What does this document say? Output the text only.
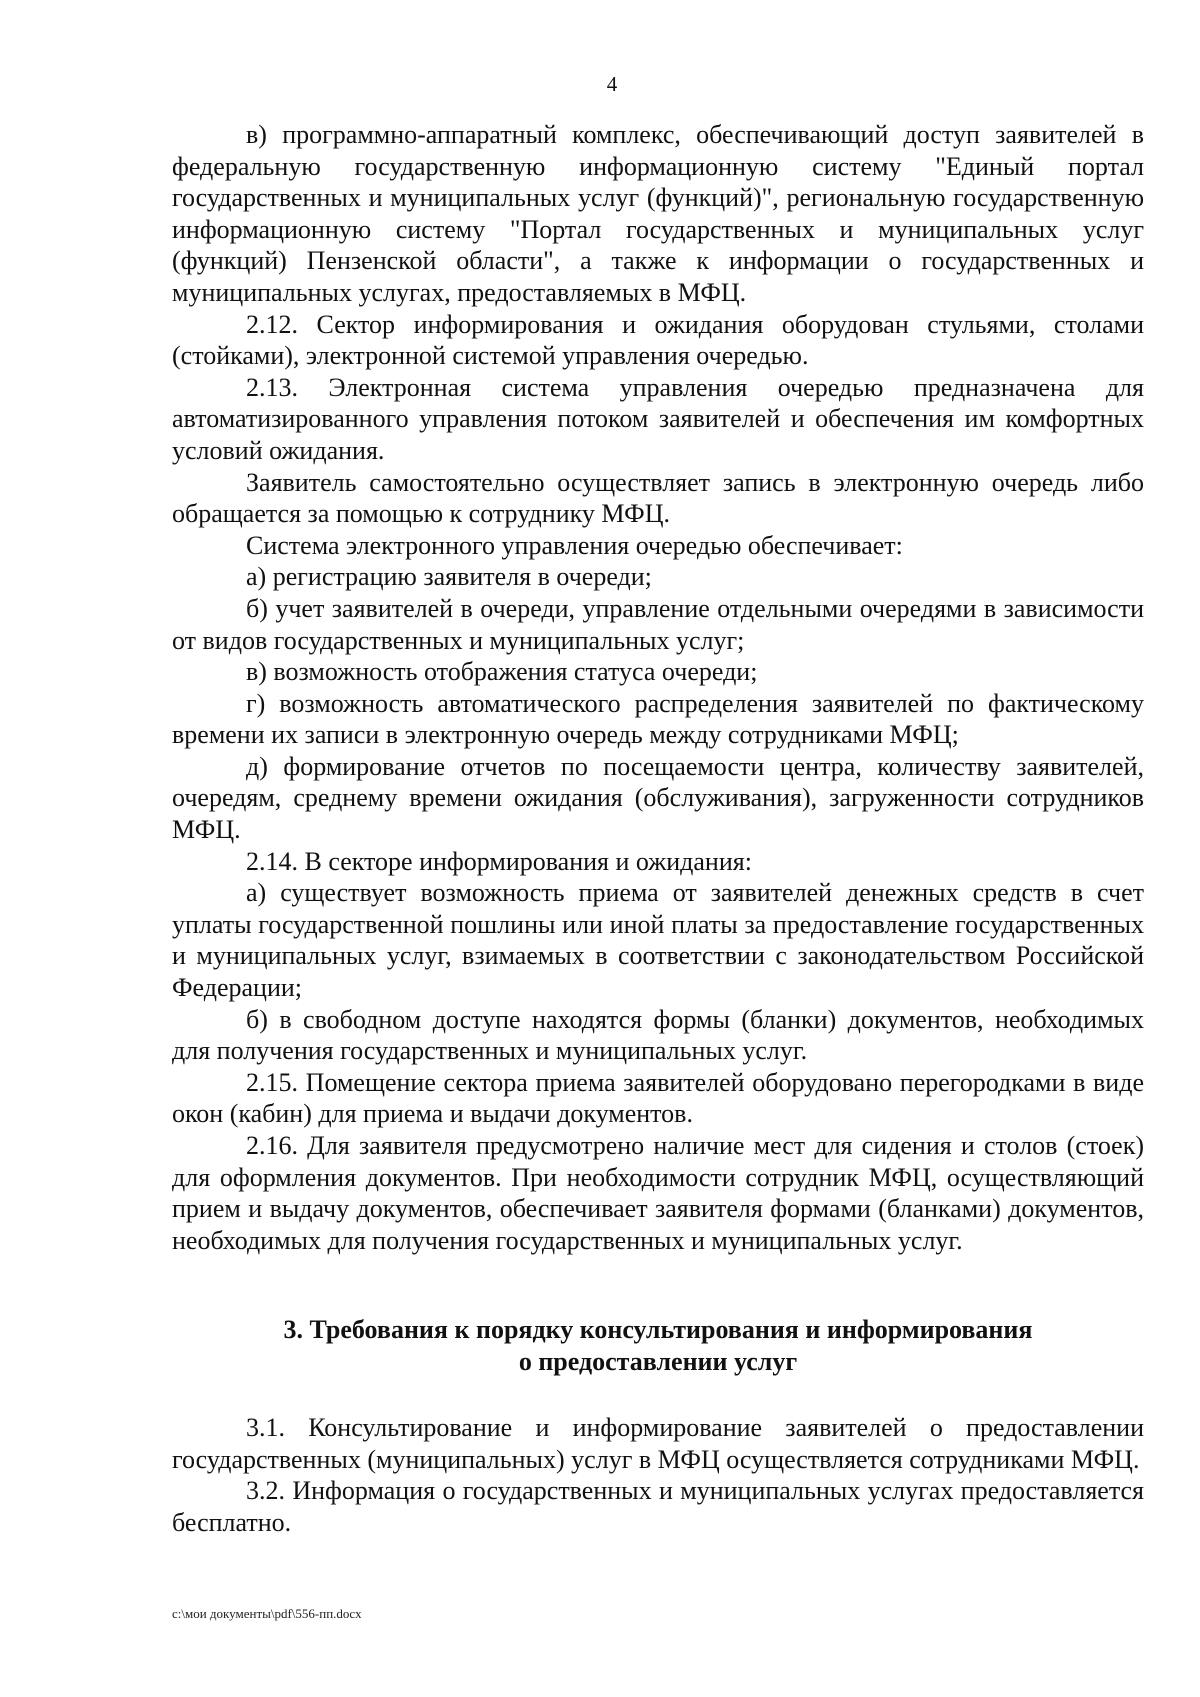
4

в) программно-аппаратный комплекс, обеспечивающий доступ заявителей в федеральную государственную информационную систему "Единый портал государственных и муниципальных услуг (функций)", региональную государственную информационную систему "Портал государственных и муниципальных услуг (функций) Пензенской области", а также к информации о государственных и муниципальных услугах, предоставляемых в МФЦ.

2.12. Сектор информирования и ожидания оборудован стульями, столами (стойками), электронной системой управления очередью.

2.13. Электронная система управления очередью предназначена для автоматизированного управления потоком заявителей и обеспечения им комфортных условий ожидания.

Заявитель самостоятельно осуществляет запись в электронную очередь либо обращается за помощью к сотруднику МФЦ.

Система электронного управления очередью обеспечивает:

а) регистрацию заявителя в очереди;

б) учет заявителей в очереди, управление отдельными очередями в зависимости от видов государственных и муниципальных услуг;

в) возможность отображения статуса очереди;

г) возможность автоматического распределения заявителей по фактическому времени их записи в электронную очередь между сотрудниками МФЦ;

д) формирование отчетов по посещаемости центра, количеству заявителей, очередям, среднему времени ожидания (обслуживания), загруженности сотрудников МФЦ.

2.14. В секторе информирования и ожидания:

а) существует возможность приема от заявителей денежных средств в счет уплаты государственной пошлины или иной платы за предоставление государственных и муниципальных услуг, взимаемых в соответствии с законодательством Российской Федерации;

б) в свободном доступе находятся формы (бланки) документов, необходимых для получения государственных и муниципальных услуг.

2.15. Помещение сектора приема заявителей оборудовано перегородками в виде окон (кабин) для приема и выдачи документов.

2.16. Для заявителя предусмотрено наличие мест для сидения и столов (стоек) для оформления документов. При необходимости сотрудник МФЦ, осуществляющий прием и выдачу документов, обеспечивает заявителя формами (бланками) документов, необходимых для получения государственных и муниципальных услуг.

3. Требования к порядку консультирования и информирования
о предоставлении услуг

3.1. Консультирование и информирование заявителей о предоставлении государственных (муниципальных) услуг в МФЦ осуществляется сотрудниками МФЦ.

3.2. Информация о государственных и муниципальных услугах предоставляется бесплатно.

c:\мои документы\pdf\556-пп.docx
